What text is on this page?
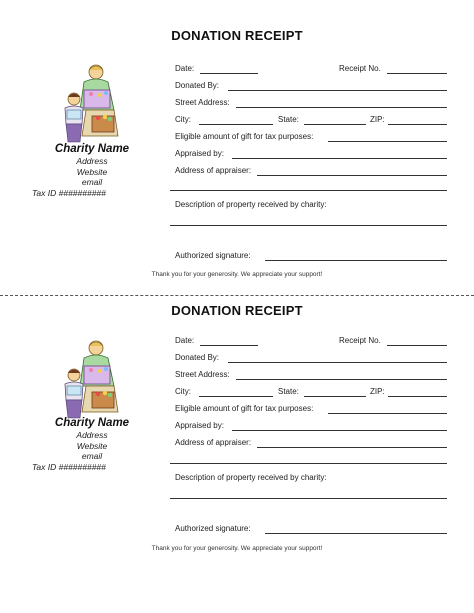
DONATION RECEIPT
Charity Name
Address
Website
email
Tax ID ##########
Date:	Receipt No.
Donated By:
Street Address:
City:	State:	ZIP:
Eligible amount of gift for tax purposes:
Appraised by:
Address of appraiser:
Description of property received by charity:
Authorized signature:
Thank you for your generosity. We appreciate your support!
DONATION RECEIPT
Charity Name
Address
Website
email
Tax ID ##########
Date:	Receipt No.
Donated By:
Street Address:
City:	State:	ZIP:
Eligible amount of gift for tax purposes:
Appraised by:
Address of appraiser:
Description of property received by charity:
Authorized signature:
Thank you for your generosity. We appreciate your support!
